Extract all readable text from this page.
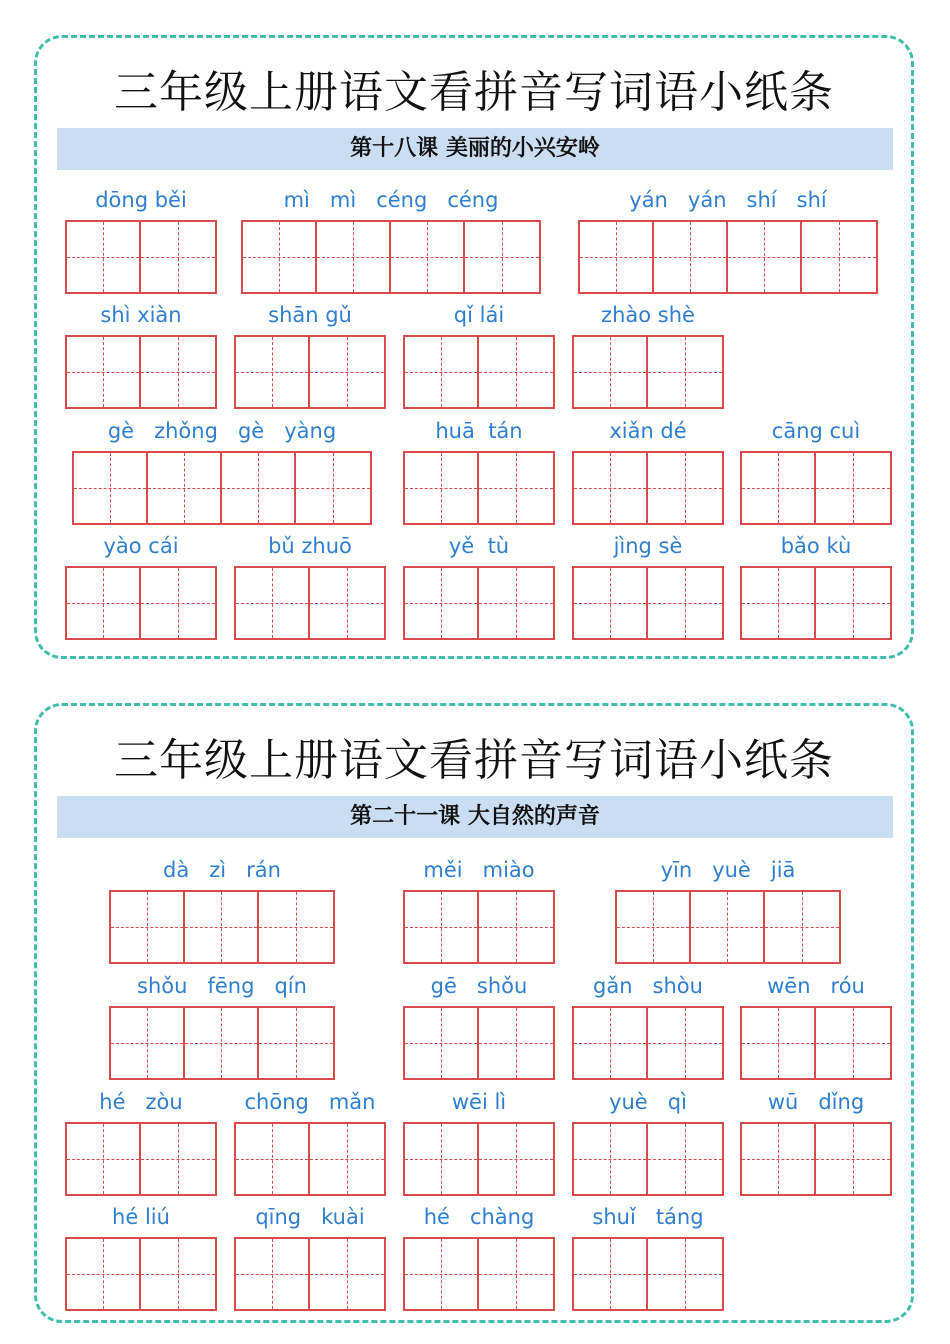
三年级上册语文看拼音写词语小纸条
第十八课 美丽的小兴安岭
dōng běi	mì   mì   céng   céng	yán   yán   shí   shí
shì xiàn	shān gǔ	qǐ lái	zhào shè
gè   zhǒng   gè   yàng	huā  tán	xiǎn dé	cāng cuì
yào cái	bǔ zhuō	yě  tù	jìng sè	bǎo kù
三年级上册语文看拼音写词语小纸条
第二十一课 大自然的声音
dà   zì   rán	měi   miào	yīn   yuè   jiā
shǒu   fēng   qín	gē   shǒu	gǎn   shòu	wēn   róu
hé   zòu	chōng   mǎn	wēi lì	yuè   qì	wū   dǐng
hé liú	qīng   kuài	hé   chàng	shuǐ   táng
